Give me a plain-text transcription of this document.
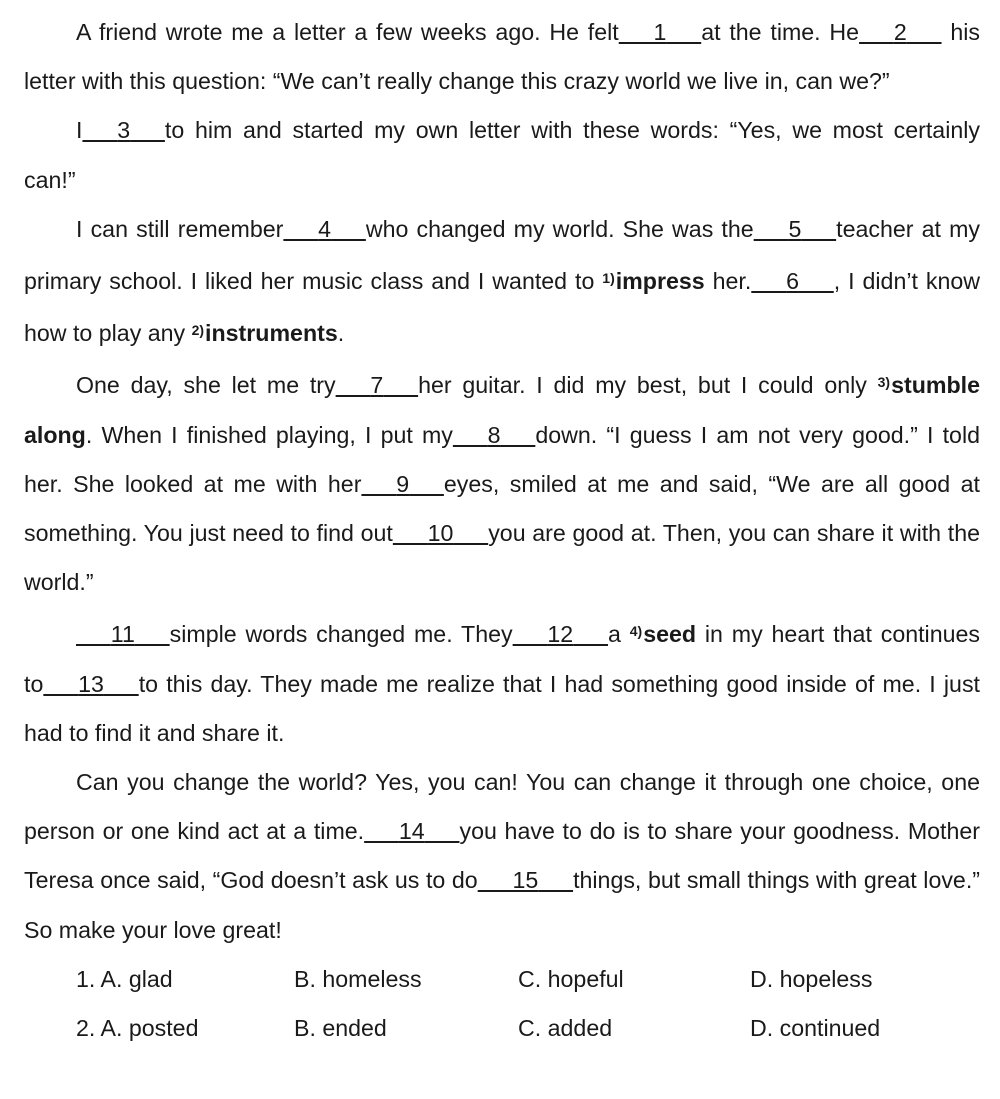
A friend wrote me a letter a few weeks ago. He felt    1    at the time. He    2    his letter with this question: “We can’t really change this crazy world we live in, can we?”

I    3    to him and started my own letter with these words: “Yes, we most certainly can!”

I can still remember    4    who changed my world. She was the    5    teacher at my primary school. I liked her music class and I wanted to $^{1)}$impress her.    6    , I didn’t know how to play any $^{2)}$instruments.

One day, she let me try    7    her guitar. I did my best, but I could only $^{3)}$stumble along. When I finished playing, I put my    8    down. “I guess I am not very good.” I told her. She looked at me with her    9    eyes, smiled at me and said, “We are all good at something. You just need to find out    10    you are good at. Then, you can share it with the world.”

   11    simple words changed me. They    12    a $^{4)}$seed in my heart that continues to    13    to this day. They made me realize that I had something good inside of me. I just had to find it and share it.

Can you change the world? Yes, you can! You can change it through one choice, one person or one kind act at a time.    14    you have to do is to share your goodness. Mother Teresa once said, “God doesn’t ask us to do    15    things, but small things with great love.” So make your love great!

1. A. glad	B. homeless	C. hopeful	D. hopeless
2. A. posted	B. ended	C. added	D. continued
